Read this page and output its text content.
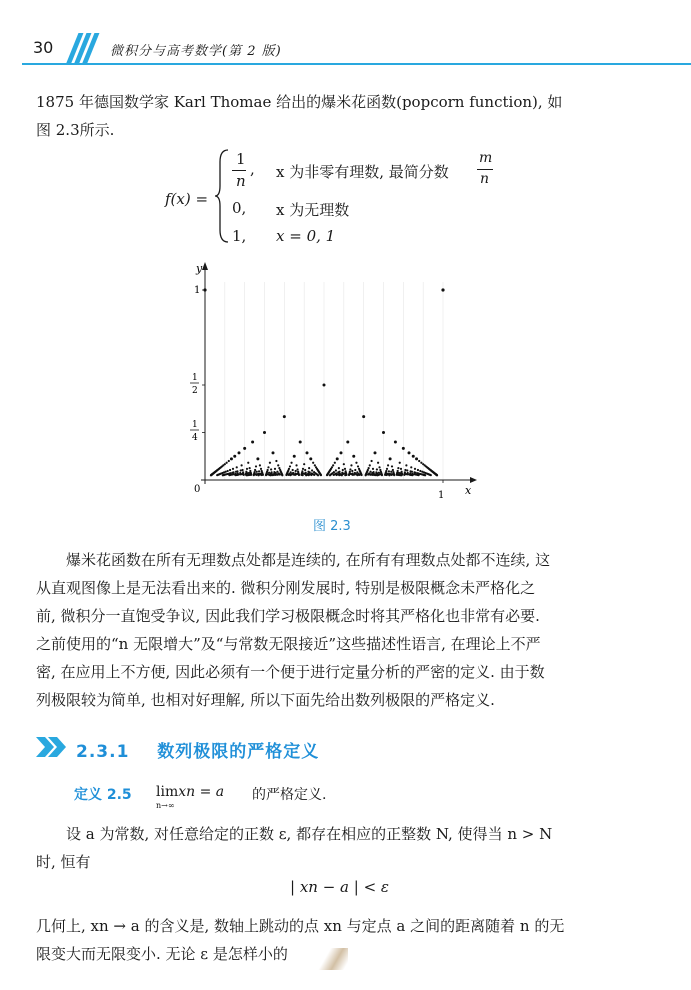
30	微积分与高考数学(第 2 版)

1875 年德国数学家 Karl Thomae 给出的爆米花函数(popcorn function), 如

图 2.3所示.

f(x) =
1
n
, x 为非零有理数, 最简分数
m
n
0, x 为无理数
1, x = 0, 1
y
x
0
1
1
1
2
1
4
图 2.3

爆米花函数在所有无理数点处都是连续的, 在所有有理数点处都不连续, 这

从直观图像上是无法看出来的. 微积分刚发展时, 特别是极限概念未严格化之

前, 微积分一直饱受争议, 因此我们学习极限概念时将其严格化也非常有必要.

之前使用的“n 无限增大”及“与常数无限接近”这些描述性语言, 在理论上不严

密, 在应用上不方便, 因此必须有一个便于进行定量分析的严密的定义. 由于数

列极限较为简单, 也相对好理解, 所以下面先给出数列极限的严格定义.

2.3.1 数列极限的严格定义
定义 2.5 limxn = a
n→∞
的严格定义.

设 a 为常数, 对任意给定的正数 ε, 都存在相应的正整数 N, 使得当 n > N

时, 恒有

| xn − a | < ε

几何上, xn → a 的含义是, 数轴上跳动的点 xn 与定点 a 之间的距离随着 n 的无

限变大而无限变小. 无论 ε 是怎样小的
